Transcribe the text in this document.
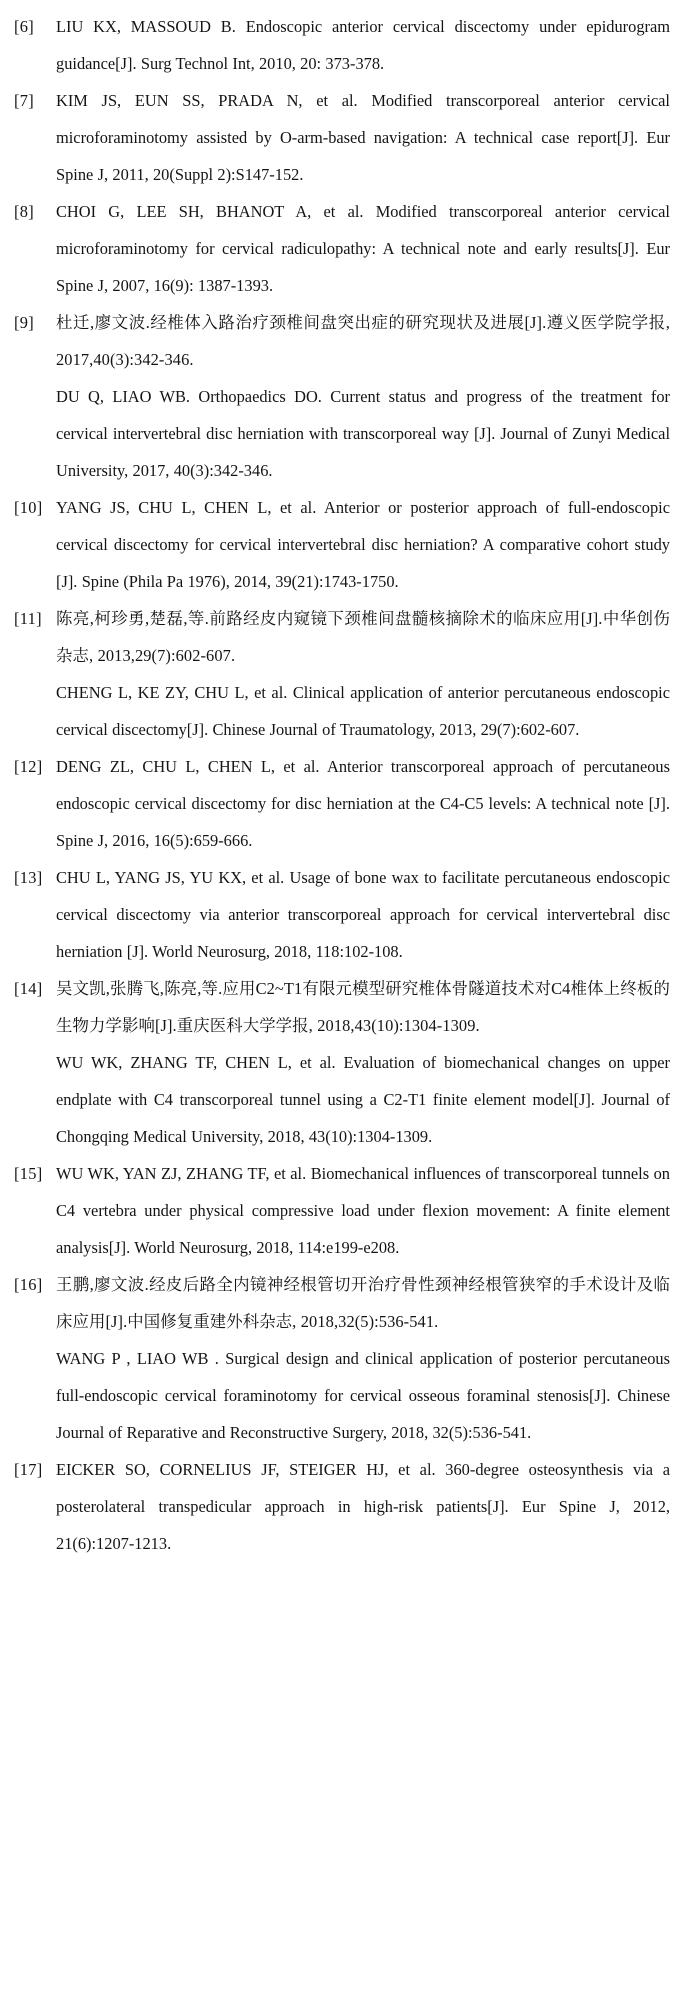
[6]	LIU KX, MASSOUD B. Endoscopic anterior cervical discectomy under epidurogram guidance[J]. Surg Technol Int, 2010, 20: 373-378.

[7]	KIM JS, EUN SS, PRADA N, et al. Modified transcorporeal anterior cervical microforaminotomy assisted by O-arm-based navigation: A technical case report[J]. Eur Spine J, 2011, 20(Suppl 2):S147-152.

[8]	CHOI G, LEE SH, BHANOT A, et al. Modified transcorporeal anterior cervical microforaminotomy for cervical radiculopathy: A technical note and early results[J]. Eur Spine J, 2007, 16(9): 1387-1393.

[9]	杜迁,廖文波.经椎体入路治疗颈椎间盘突出症的研究现状及进展[J].遵义医学院学报, 2017,40(3):342-346.

DU Q, LIAO WB. Orthopaedics DO. Current status and progress of the treatment for cervical intervertebral disc herniation with transcorporeal way [J]. Journal of Zunyi Medical University, 2017, 40(3):342-346.

[10] YANG JS, CHU L, CHEN L, et al. Anterior or posterior approach of full-endoscopic cervical discectomy for cervical intervertebral disc herniation? A comparative cohort study [J]. Spine (Phila Pa 1976), 2014, 39(21):1743-1750.

[11] 陈亮,柯珍勇,楚磊,等.前路经皮内窥镜下颈椎间盘髓核摘除术的临床应用[J].中华创伤杂志, 2013,29(7):602-607.

CHENG L, KE ZY, CHU L, et al. Clinical application of anterior percutaneous endoscopic cervical discectomy[J]. Chinese Journal of Traumatology, 2013, 29(7):602-607.

[12] DENG ZL, CHU L, CHEN L, et al. Anterior transcorporeal approach of percutaneous endoscopic cervical discectomy for disc herniation at the C4-C5 levels: A technical note [J]. Spine J, 2016, 16(5):659-666.

[13] CHU L, YANG JS, YU KX, et al. Usage of bone wax to facilitate percutaneous endoscopic cervical discectomy via anterior transcorporeal approach for cervical intervertebral disc herniation [J]. World Neurosurg, 2018, 118:102-108.

[14] 吴文凯,张腾飞,陈亮,等.应用C2~T1有限元模型研究椎体骨隧道技术对C4椎体上终板的生物力学影响[J].重庆医科大学学报, 2018,43(10):1304-1309.

WU WK, ZHANG TF, CHEN L, et al. Evaluation of biomechanical changes on upper endplate with C4 transcorporeal tunnel using a C2-T1 finite element model[J]. Journal of Chongqing Medical University, 2018, 43(10):1304-1309.

[15] WU WK, YAN ZJ, ZHANG TF, et al. Biomechanical influences of transcorporeal tunnels on C4 vertebra under physical compressive load under flexion movement: A finite element analysis[J]. World Neurosurg, 2018, 114:e199-e208.

[16] 王鹏,廖文波.经皮后路全内镜神经根管切开治疗骨性颈神经根管狭窄的手术设计及临床应用[J].中国修复重建外科杂志, 2018,32(5):536-541.

WANG P , LIAO WB . Surgical design and clinical application of posterior percutaneous full-endoscopic cervical foraminotomy for cervical osseous foraminal stenosis[J]. Chinese Journal of Reparative and Reconstructive Surgery, 2018, 32(5):536-541.

[17] EICKER SO, CORNELIUS JF, STEIGER HJ, et al. 360-degree osteosynthesis via a posterolateral transpedicular approach in high-risk patients[J]. Eur Spine J, 2012, 21(6):1207-1213.
